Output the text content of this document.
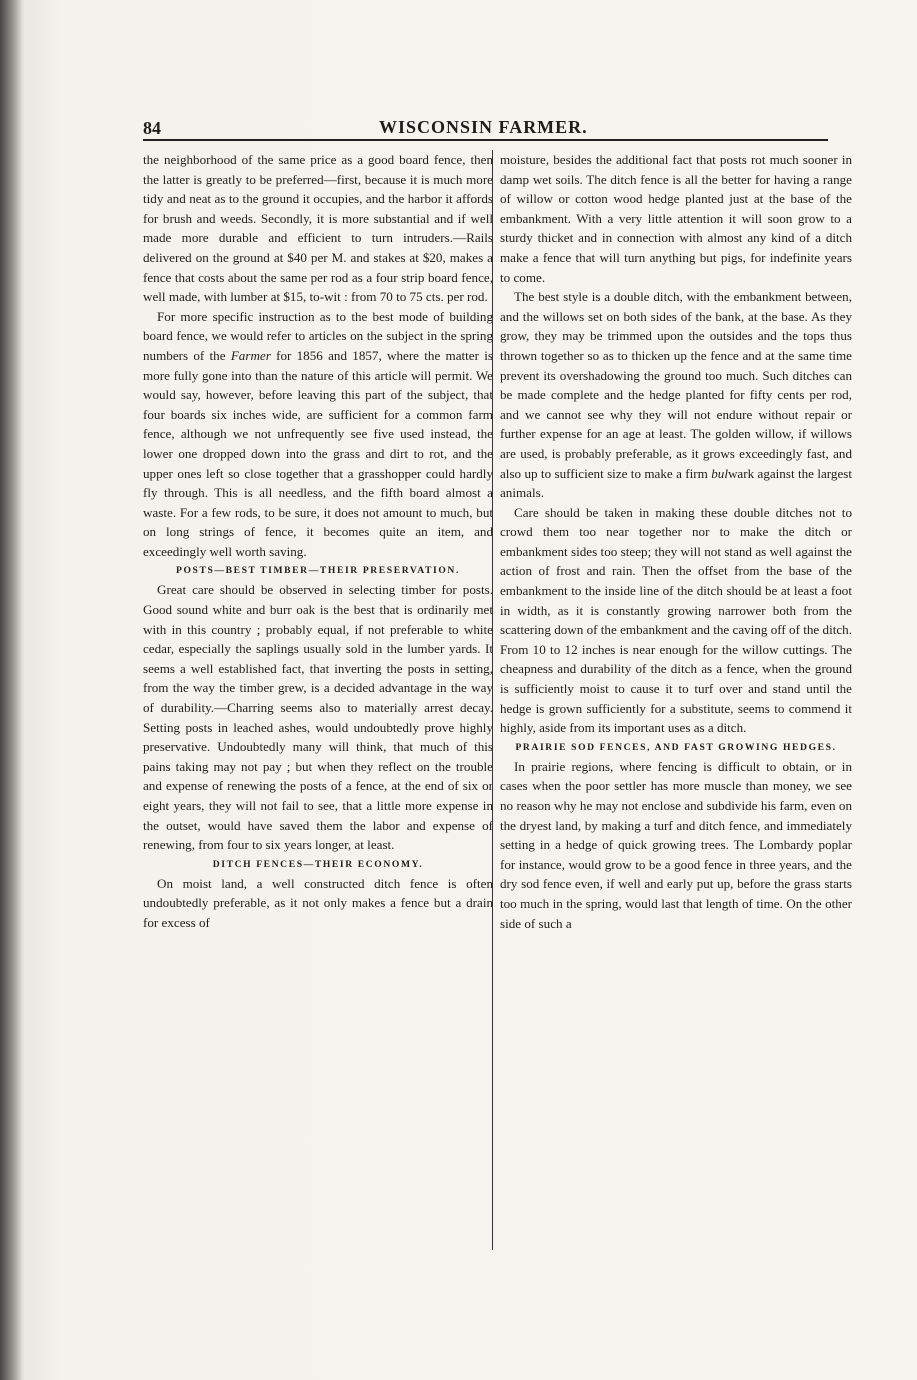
84	WISCONSIN FARMER.

the neighborhood of the same price as a good board fence, then the latter is greatly to be preferred—first, because it is much more tidy and neat as to the ground it occupies, and the harbor it affords for brush and weeds. Secondly, it is more substantial and if well made more durable and efficient to turn intruders.—Rails delivered on the ground at $40 per M. and stakes at $20, makes a fence that costs about the same per rod as a four strip board fence, well made, with lumber at $15, to-wit : from 70 to 75 cts. per rod.

For more specific instruction as to the best mode of building board fence, we would refer to articles on the subject in the spring numbers of the Farmer for 1856 and 1857, where the matter is more fully gone into than the nature of this article will permit. We would say, however, before leaving this part of the subject, that four boards six inches wide, are sufficient for a common farm fence, although we not unfrequently see five used instead, the lower one dropped down into the grass and dirt to rot, and the upper ones left so close together that a grasshopper could hardly fly through. This is all needless, and the fifth board almost a waste. For a few rods, to be sure, it does not amount to much, but on long strings of fence, it becomes quite an item, and exceedingly well worth saving.

POSTS—BEST TIMBER—THEIR PRESERVATION.

Great care should be observed in selecting timber for posts. Good sound white and burr oak is the best that is ordinarily met with in this country ; probably equal, if not preferable to white cedar, especially the saplings usually sold in the lumber yards. It seems a well established fact, that inverting the posts in setting, from the way the timber grew, is a decided advantage in the way of durability.—Charring seems also to materially arrest decay. Setting posts in leached ashes, would undoubtedly prove highly preservative. Undoubtedly many will think, that much of this pains taking may not pay ; but when they reflect on the trouble and expense of renewing the posts of a fence, at the end of six or eight years, they will not fail to see, that a little more expense in the outset, would have saved them the labor and expense of renewing, from four to six years longer, at least.

DITCH FENCES—THEIR ECONOMY.

On moist land, a well constructed ditch fence is often undoubtedly preferable, as it not only makes a fence but a drain for excess of

moisture, besides the additional fact that posts rot much sooner in damp wet soils. The ditch fence is all the better for having a range of willow or cotton wood hedge planted just at the base of the embankment. With a very little attention it will soon grow to a sturdy thicket and in connection with almost any kind of a ditch make a fence that will turn anything but pigs, for indefinite years to come.

The best style is a double ditch, with the embankment between, and the willows set on both sides of the bank, at the base. As they grow, they may be trimmed upon the outsides and the tops thus thrown together so as to thicken up the fence and at the same time prevent its overshadowing the ground too much. Such ditches can be made complete and the hedge planted for fifty cents per rod, and we cannot see why they will not endure without repair or further expense for an age at least. The golden willow, if willows are used, is probably preferable, as it grows exceedingly fast, and also up to sufficient size to make a firm bulwark against the largest animals.

Care should be taken in making these double ditches not to crowd them too near together nor to make the ditch or embankment sides too steep; they will not stand as well against the action of frost and rain. Then the offset from the base of the embankment to the inside line of the ditch should be at least a foot in width, as it is constantly growing narrower both from the scattering down of the embankment and the caving off of the ditch. From 10 to 12 inches is near enough for the willow cuttings. The cheapness and durability of the ditch as a fence, when the ground is sufficiently moist to cause it to turf over and stand until the hedge is grown sufficiently for a substitute, seems to commend it highly, aside from its important uses as a ditch.

PRAIRIE SOD FENCES, AND FAST GROWING HEDGES.

In prairie regions, where fencing is difficult to obtain, or in cases when the poor settler has more muscle than money, we see no reason why he may not enclose and subdivide his farm, even on the dryest land, by making a turf and ditch fence, and immediately setting in a hedge of quick growing trees. The Lombardy poplar for instance, would grow to be a good fence in three years, and the dry sod fence even, if well and early put up, before the grass starts too much in the spring, would last that length of time. On the other side of such a
